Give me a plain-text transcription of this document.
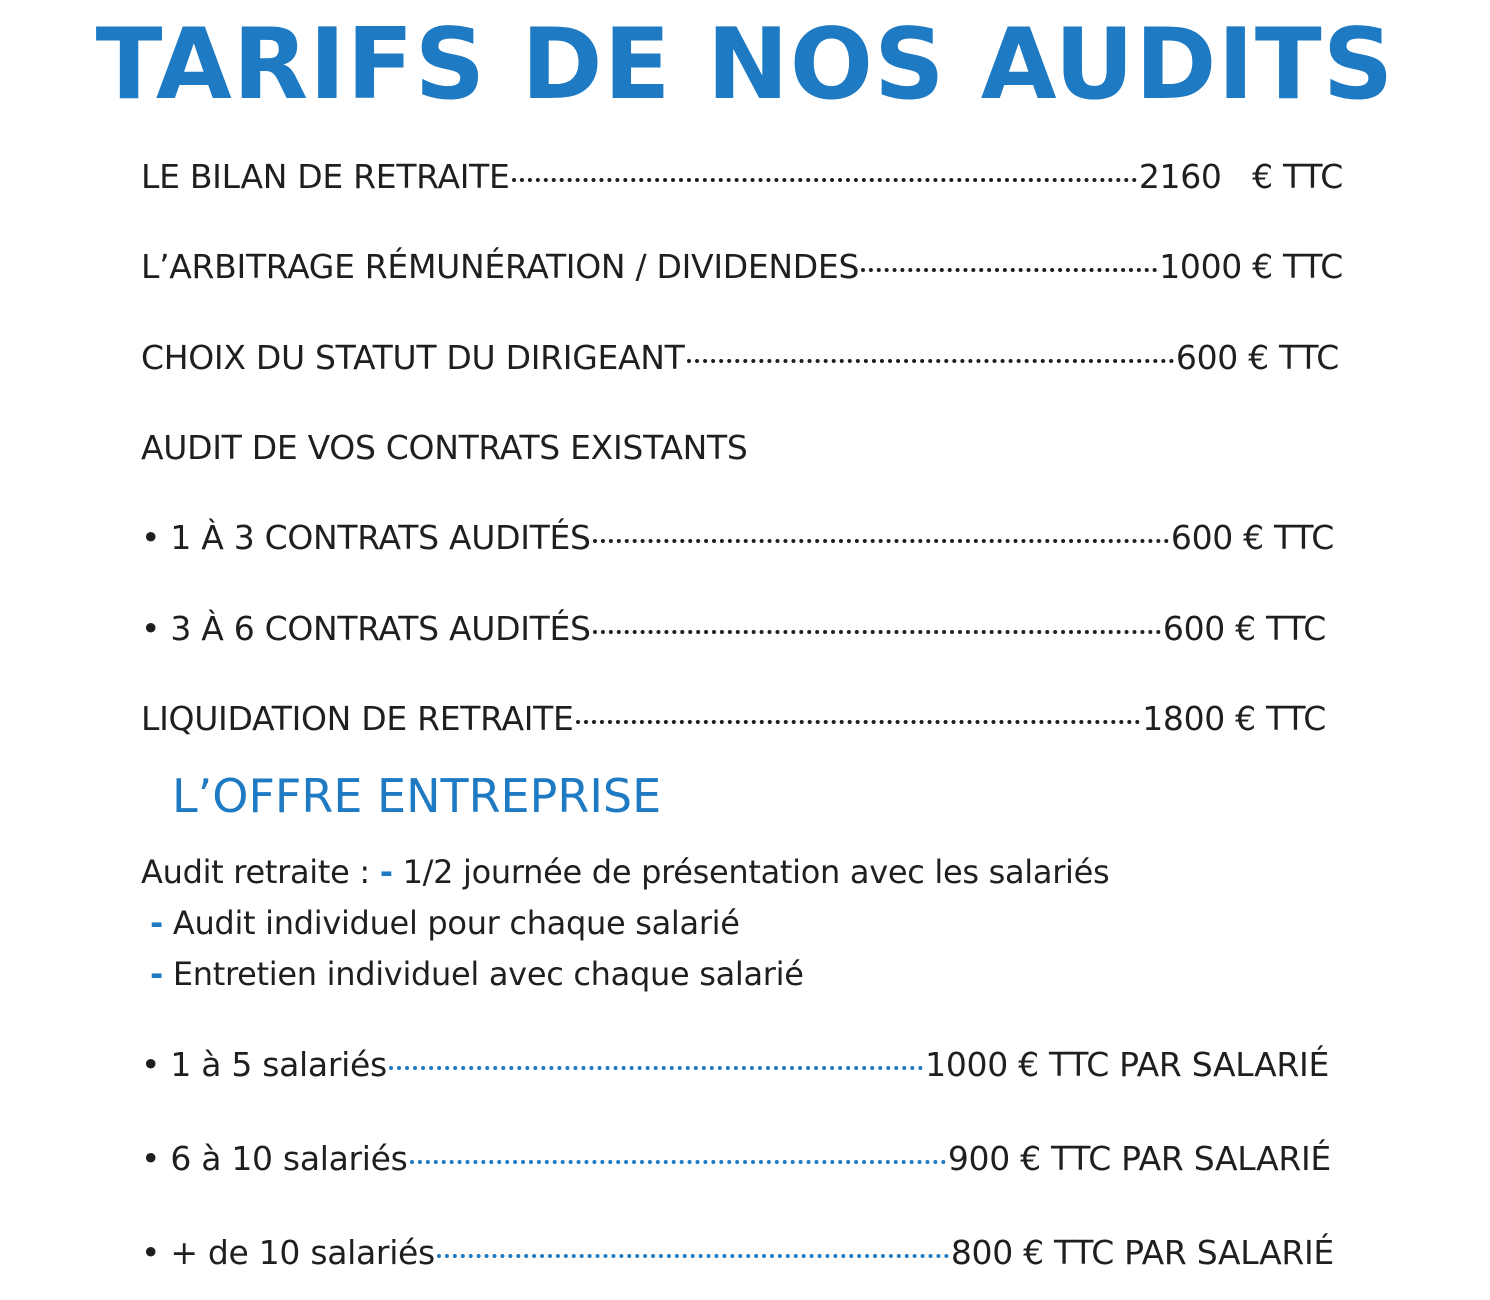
TARIFS DE NOS AUDITS
LE BILAN DE RETRAITE	2160   € TTC
L’ARBITRAGE RÉMUNÉRATION / DIVIDENDES	1000 € TTC
CHOIX DU STATUT DU DIRIGEANT	600 € TTC
AUDIT DE VOS CONTRATS EXISTANTS
• 1 À 3 CONTRATS AUDITÉS	600 € TTC
• 3 À 6 CONTRATS AUDITÉS	600 € TTC
LIQUIDATION DE RETRAITE	1800 € TTC
L’OFFRE ENTREPRISE
Audit retraite : - 1/2 journée de présentation avec les salariés
- Audit individuel pour chaque salarié
- Entretien individuel avec chaque salarié
• 1 à 5 salariés	1000 € TTC PAR SALARIÉ
• 6 à 10 salariés	900 € TTC PAR SALARIÉ
• + de 10 salariés	800 € TTC PAR SALARIÉ
